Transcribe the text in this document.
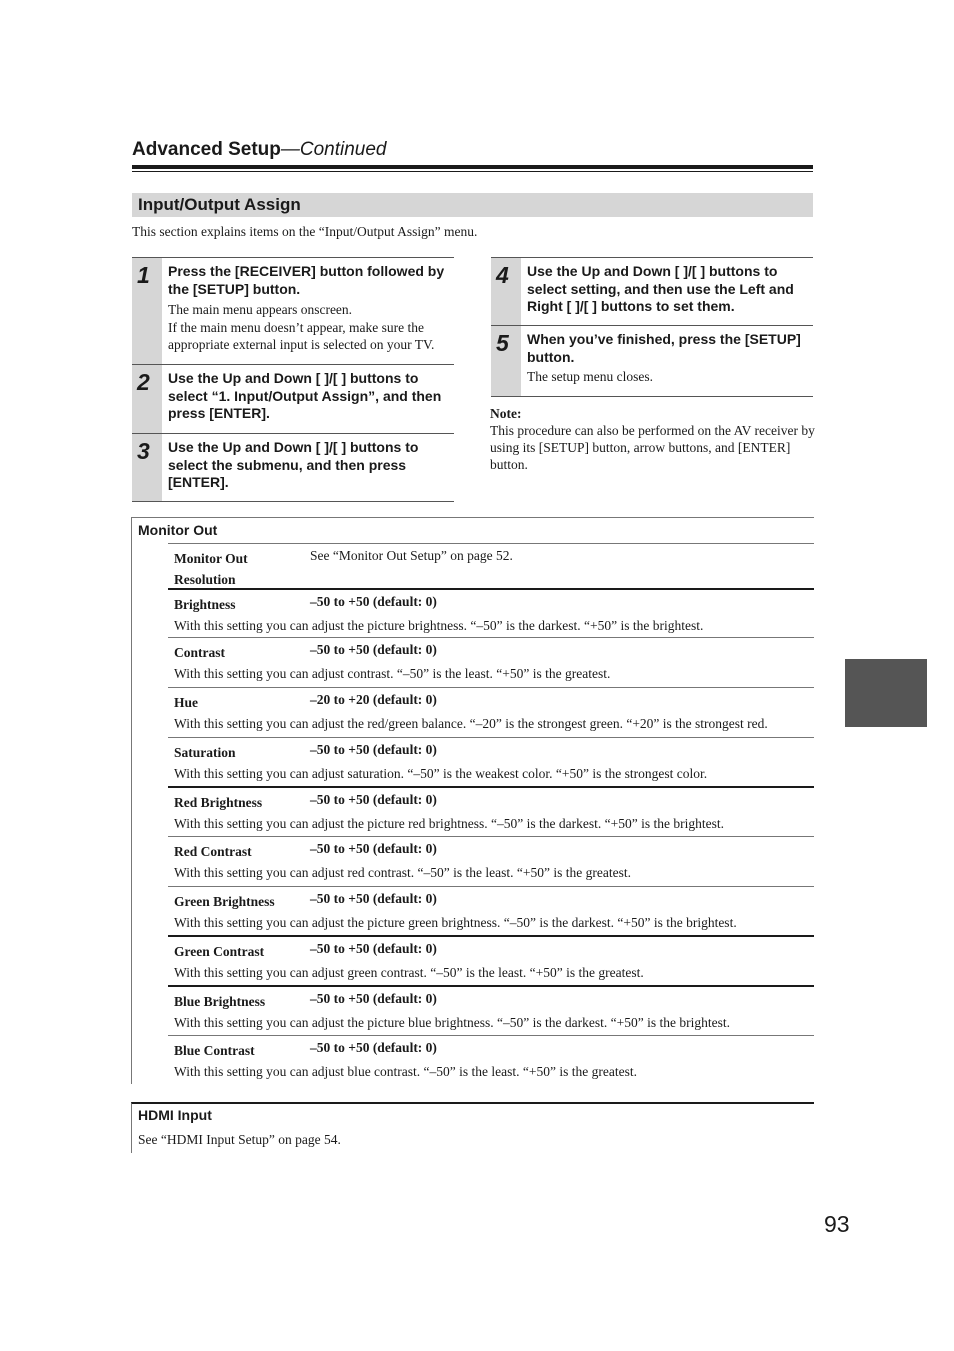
Advanced Setup—Continued
Input/Output Assign
This section explains items on the “Input/Output Assign” menu.
1 Press the [RECEIVER] button followed by the [SETUP] button.
The main menu appears onscreen.
If the main menu doesn’t appear, make sure the appropriate external input is selected on your TV.
2 Use the Up and Down [ ]/[ ] buttons to select “1. Input/Output Assign”, and then press [ENTER].
3 Use the Up and Down [ ]/[ ] buttons to select the submenu, and then press [ENTER].
4 Use the Up and Down [ ]/[ ] buttons to select setting, and then use the Left and Right [ ]/[ ] buttons to set them.
5 When you’ve finished, press the [SETUP] button.
The setup menu closes.
Note:
This procedure can also be performed on the AV receiver by using its [SETUP] button, arrow buttons, and [ENTER] button.
Monitor Out
Monitor Out Resolution
See “Monitor Out Setup” on page 52.
Brightness	–50 to +50 (default: 0)
With this setting you can adjust the picture brightness. “–50” is the darkest. “+50” is the brightest.
Contrast	–50 to +50 (default: 0)
With this setting you can adjust contrast. “–50” is the least. “+50” is the greatest.
Hue	–20 to +20 (default: 0)
With this setting you can adjust the red/green balance. “–20” is the strongest green. “+20” is the strongest red.
Saturation	–50 to +50 (default: 0)
With this setting you can adjust saturation. “–50” is the weakest color. “+50” is the strongest color.
Red Brightness	–50 to +50 (default: 0)
With this setting you can adjust the picture red brightness. “–50” is the darkest. “+50” is the brightest.
Red Contrast	–50 to +50 (default: 0)
With this setting you can adjust red contrast. “–50” is the least. “+50” is the greatest.
Green Brightness	–50 to +50 (default: 0)
With this setting you can adjust the picture green brightness. “–50” is the darkest. “+50” is the brightest.
Green Contrast	–50 to +50 (default: 0)
With this setting you can adjust green contrast. “–50” is the least. “+50” is the greatest.
Blue Brightness	–50 to +50 (default: 0)
With this setting you can adjust the picture blue brightness. “–50” is the darkest. “+50” is the brightest.
Blue Contrast	–50 to +50 (default: 0)
With this setting you can adjust blue contrast. “–50” is the least. “+50” is the greatest.
HDMI Input
See “HDMI Input Setup” on page 54.
93
